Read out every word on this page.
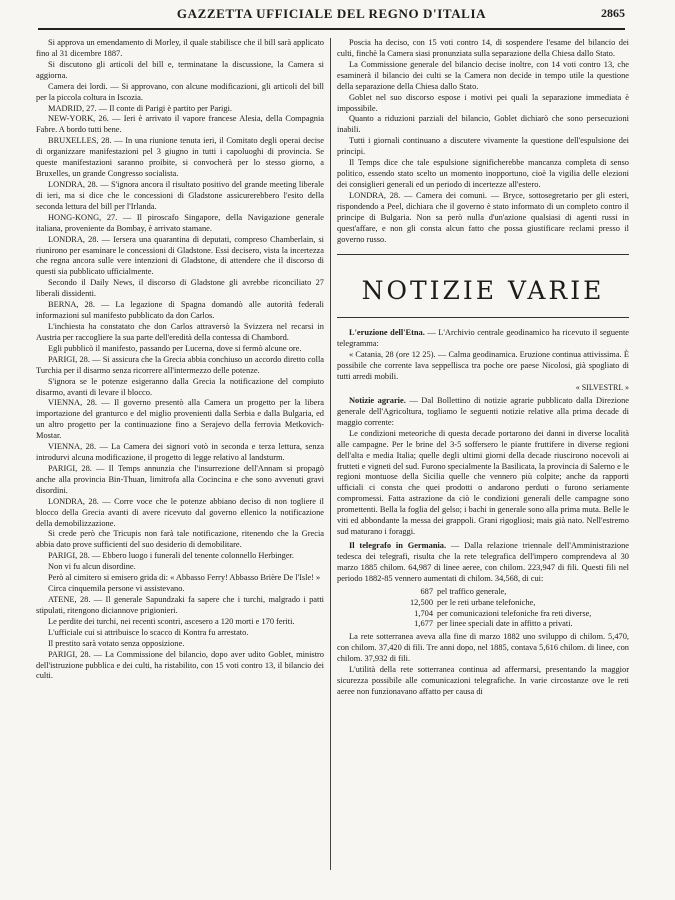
GAZZETTA UFFICIALE DEL REGNO D'ITALIA	2865

Si approva un emendamento di Morley, il quale stabilisce che il bill sarà applicato fino al 31 dicembre 1887.

Si discutono gli articoli del bill e, terminatane la discussione, la Camera si aggiorna.

Camera dei lordi. — Si approvano, con alcune modificazioni, gli articoli del bill per la piccola coltura in Iscozia.

MADRID, 27. — Il conte di Parigi è partito per Parigi.

NEW-YORK, 26. — Ieri è arrivato il vapore francese Alesia, della Compagnia Fabre. A bordo tutti bene.

BRUXELLES, 28. — In una riunione tenuta ieri, il Comitato degli operai decise di organizzare manifestazioni pel 3 giugno in tutti i capoluoghi di provincia. Se queste manifestazioni saranno proibite, si convocherà per lo stesso giorno, a Bruxelles, un grande Congresso socialista.

LONDRA, 28. — S'ignora ancora il risultato positivo del grande meeting liberale di ieri, ma si dice che le concessioni di Gladstone assicurerebbero l'esito della seconda lettura del bill per l'Irlanda.

HONG-KONG, 27. — Il piroscafo Singapore, della Navigazione generale italiana, proveniente da Bombay, è arrivato stamane.

LONDRA, 28. — Iersera una quarantina di deputati, compreso Chamberlain, si riunirono per esaminare le concessioni di Gladstone. Essi decisero, vista la incertezza che regna ancora sulle vere intenzioni di Gladstone, di attendere che il discorso di questi sia pubblicato ufficialmente.

Secondo il Daily News, il discorso di Gladstone gli avrebbe riconciliato 27 liberali dissidenti.

BERNA, 28. — La legazione di Spagna domandò alle autorità federali informazioni sul manifesto pubblicato da don Carlos.

L'inchiesta ha constatato che don Carlos attraversò la Svizzera nel recarsi in Austria per raccogliere la sua parte dell'eredità della contessa di Chambord.

Egli pubblicò il manifesto, passando per Lucerna, dove si fermò alcune ore.

PARIGI, 28. — Si assicura che la Grecia abbia conchiuso un accordo diretto colla Turchia per il disarmo senza ricorrere all'intermezzo delle potenze.

S'ignora se le potenze esigeranno dalla Grecia la notificazione del compiuto disarmo, avanti di levare il blocco.

VIENNA, 28. — Il governo presentò alla Camera un progetto per la libera importazione del granturco e del miglio provenienti dalla Serbia e dalla Bulgaria, ed un altro progetto per la continuazione fino a Serajevo della ferrovia Metkovich-Mostar.

VIENNA, 28. — La Camera dei signori votò in seconda e terza lettura, senza introdurvi alcuna modificazione, il progetto di legge relativo al landsturm.

PARIGI, 28. — Il Temps annunzia che l'insurrezione dell'Annam si propagò anche alla provincia Bin-Thuan, limitrofa alla Cocincina e che sono avvenuti gravi disordini.

LONDRA, 28. — Corre voce che le potenze abbiano deciso di non togliere il blocco della Grecia avanti di avere ricevuto dal governo ellenico la notificazione della demobilizzazione.

Si crede però che Tricupis non farà tale notificazione, ritenendo che la Grecia abbia dato prove sufficienti del suo desiderio di demobilitare.

PARIGI, 28. — Ebbero luogo i funerali del tenente colonnello Herbinger.

Non vi fu alcun disordine.

Però al cimitero si emisero grida di: « Abbasso Ferry! Abbasso Brière De l'Isle! »

Circa cinquemila persone vi assistevano.

ATENE, 28. — Il generale Sapundzaki fa sapere che i turchi, malgrado i patti stipulati, ritengono diciannove prigionieri.

Le perdite dei turchi, nei recenti scontri, ascesero a 120 morti e 170 feriti.

L'ufficiale cui si attribuisce lo scacco di Kontra fu arrestato.

Il prestito sarà votato senza opposizione.

PARIGI, 28. — La Commissione del bilancio, dopo aver udito Goblet, ministro dell'istruzione pubblica e dei culti, ha ristabilito, con 15 voti contro 13, il bilancio dei culti.

Poscia ha deciso, con 15 voti contro 14, di sospendere l'esame del bilancio dei culti, finchè la Camera siasi pronunziata sulla separazione della Chiesa dallo Stato.

La Commissione generale del bilancio decise inoltre, con 14 voti contro 13, che esaminerà il bilancio dei culti se la Camera non decide in tempo utile la questione della separazione della Chiesa dallo Stato.

Goblet nel suo discorso espose i motivi pei quali la separazione immediata è impossibile.

Quanto a riduzioni parziali del bilancio, Goblet dichiarò che sono persecuzioni inabili.

Tutti i giornali continuano a discutere vivamente la questione dell'espulsione dei principi.

Il Temps dice che tale espulsione significherebbe mancanza completa di senso politico, essendo stato scelto un momento inopportuno, cioè la vigilia delle elezioni dei consiglieri generali ed un periodo di incertezze all'estero.

LONDRA, 28. — Camera dei comuni. — Bryce, sottosegretario per gli esteri, rispondendo a Peel, dichiara che il governo è stato informato di un completo contro il principe di Bulgaria. Non sa però nulla d'un'azione qualsiasi di agenti russi in quest'affare, e non gli consta alcun fatto che possa giustificare reclami presso il governo russo.

NOTIZIE VARIE

L'eruzione dell'Etna. — L'Archivio centrale geodinamico ha ricevuto il seguente telegramma:

« Catania, 28 (ore 12 25). — Calma geodinamica. Eruzione continua attivissima. È possibile che corrente lava seppellisca tra poche ore paese Nicolosi, già spogliato di tutti arredi mobili.

« SILVESTRI. »

Notizie agrarie. — Dal Bollettino di notizie agrarie pubblicato dalla Direzione generale dell'Agricoltura, togliamo le seguenti notizie relative alla prima decade di maggio corrente:

Le condizioni meteoriche di questa decade portarono dei danni in diverse località alle campagne. Per le brine del 3-5 soffersero le piante fruttifere in diverse regioni dell'alta e media Italia; quelle degli ultimi giorni della decade riuscirono nocevoli ai frutteti e vigneti del sud. Furono specialmente la Basilicata, la provincia di Salerno e le regioni montuose della Sicilia quelle che vennero più colpite; anche da rapporti ufficiali ci consta che quei prodotti o andarono perduti o furono seriamente compromessi. Fatta astrazione da ciò le condizioni generali delle campagne sono promettenti. Bella la foglia del gelso; i bachi in generale sono alla prima muta. Belle le viti ed abbondante la messa dei grappoli. Grani rigogliosi; mais già nato. Nell'estremo sud maturano i foraggi.

Il telegrafo in Germania. — Dalla relazione triennale dell'Amministrazione tedesca dei telegrafi, risulta che la rete telegrafica dell'impero comprendeva al 30 marzo 1885 chilom. 64,987 di linee aeree, con chilom. 223,947 di fili. Questi fili nel periodo 1882-85 vennero aumentati di chilom. 34,568, di cui:

687 pel traffico generale,
12,500 per le reti urbane telefoniche,
1,704 per comunicazioni telefoniche fra reti diverse,
1,677 per linee speciali date in affitto a privati.

La rete sotterranea aveva alla fine di marzo 1882 uno sviluppo di chilom. 5,470, con chilom. 37,420 di fili. Tre anni dopo, nel 1885, contava 5,616 chilom. di linee, con chilom. 37,932 di fili.

L'utilità della rete sotterranea continua ad affermarsi, presentando la maggior sicurezza possibile alle comunicazioni telegrafiche. In varie circostanze ove le reti aeree non funzionavano affatto per causa di
